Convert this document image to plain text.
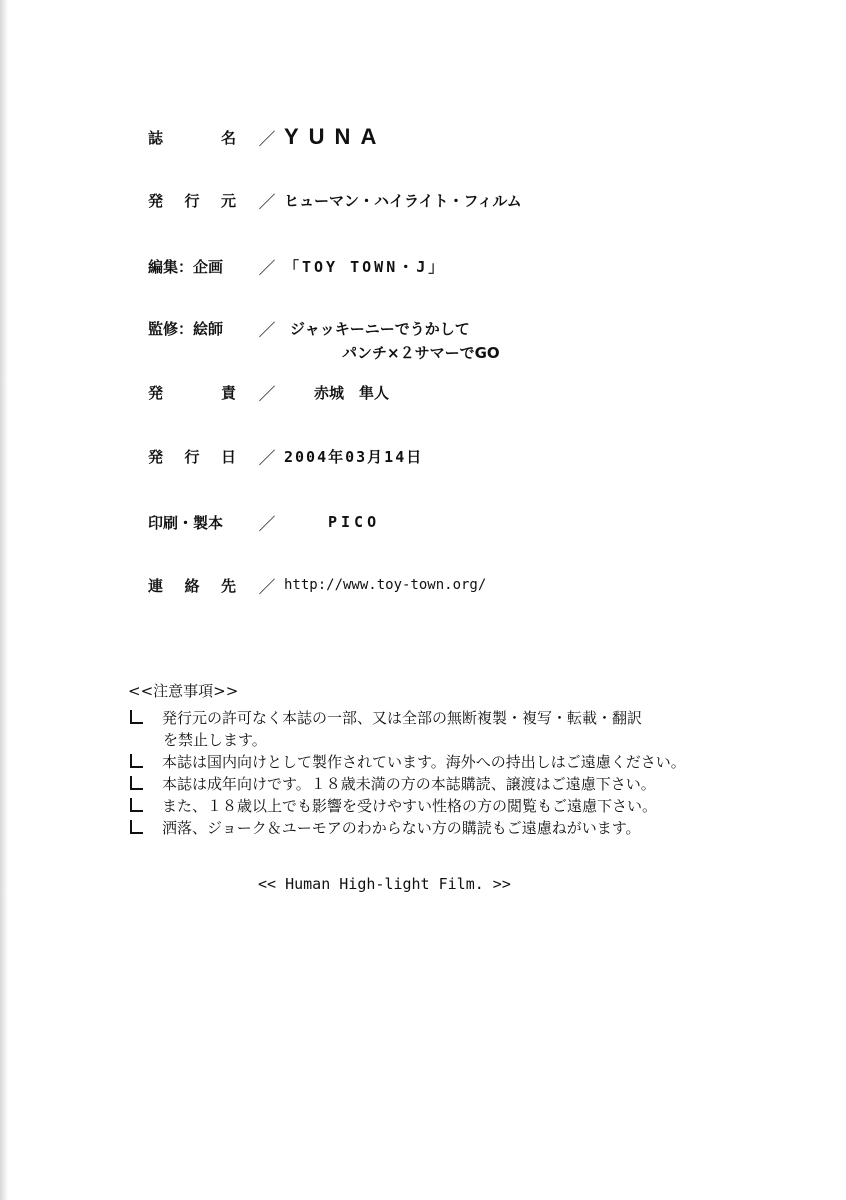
誌	名	／ YUNA
発 行 元	／ ヒューマン・ハイライト・フィルム
編集：企画	／ 「TOY TOWN・J」
監修：絵師	／ ジャッキーニーでうかして
パンチ×２サマーでGO
発	責	／	赤城　隼人
発 行 日	／ 2004年03月14日
印刷・製本	／	PICO
連 絡 先	／ http://www.toy-town.org/
<<注意事項>>
発行元の許可なく本誌の一部、又は全部の無断複製・複写・転載・翻訳
を禁止します。
本誌は国内向けとして製作されています。海外への持出しはご遠慮ください。
本誌は成年向けです。１８歳未満の方の本誌購読、譲渡はご遠慮下さい。
また、１８歳以上でも影響を受けやすい性格の方の閲覧もご遠慮下さい。
洒落、ジョーク＆ユーモアのわからない方の購読もご遠慮ねがいます。
<< Human High-light Film. >>
